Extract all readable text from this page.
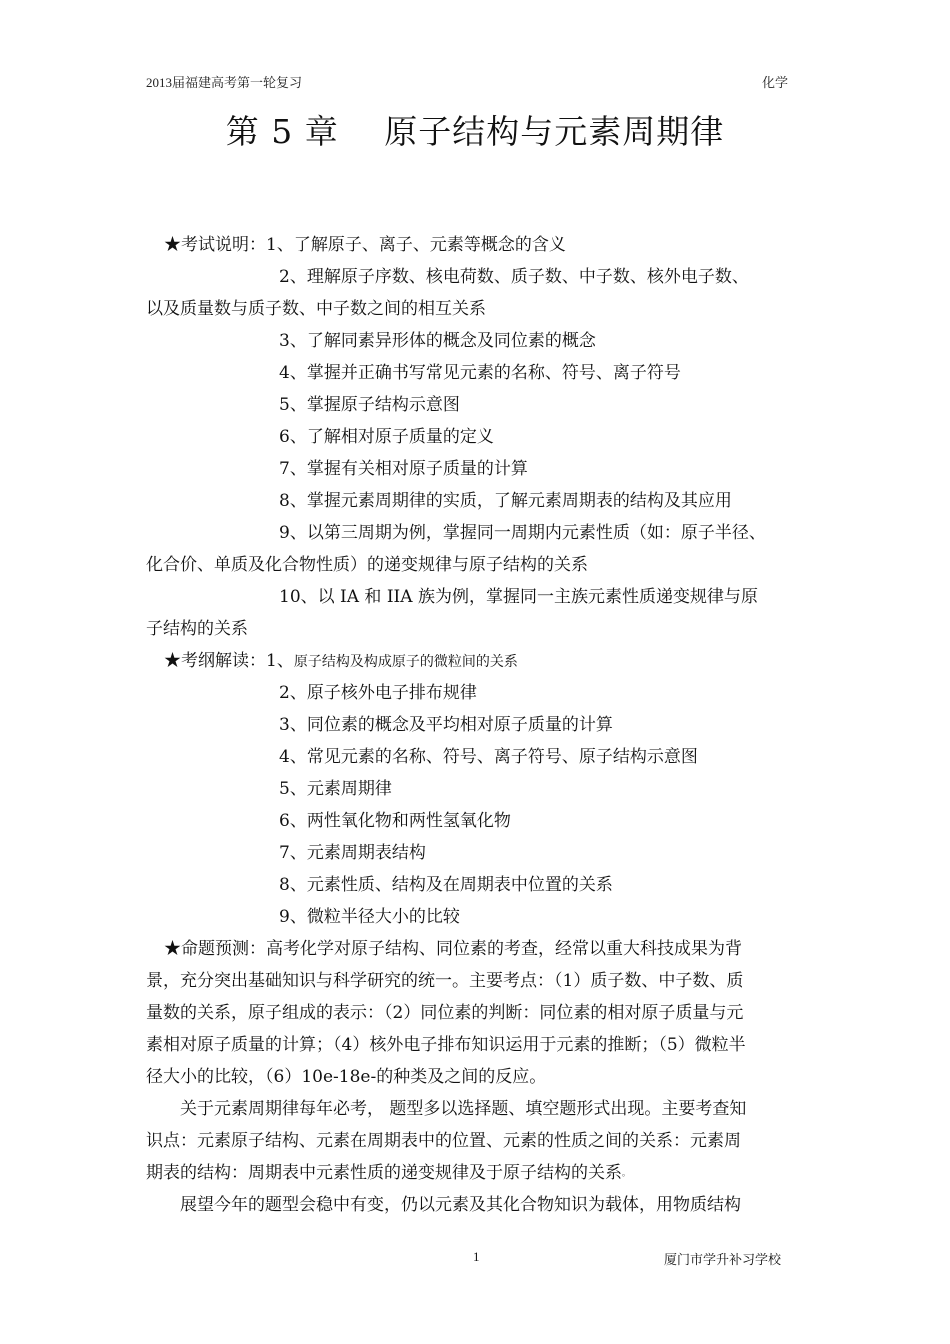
2013届福建高考第一轮复习	化学
第 5 章　 原子结构与元素周期律
★考试说明：1、了解原子、离子、元素等概念的含义
2、理解原子序数、核电荷数、质子数、中子数、核外电子数、
以及质量数与质子数、中子数之间的相互关系
3、了解同素异形体的概念及同位素的概念
4、掌握并正确书写常见元素的名称、符号、离子符号
5、掌握原子结构示意图
6、了解相对原子质量的定义
7、掌握有关相对原子质量的计算
8、掌握元素周期律的实质，了解元素周期表的结构及其应用
9、以第三周期为例，掌握同一周期内元素性质（如：原子半径、
化合价、单质及化合物性质）的递变规律与原子结构的关系
10、以 IA 和 IIA 族为例，掌握同一主族元素性质递变规律与原
子结构的关系
★考纲解读：1、原子结构及构成原子的微粒间的关系
2、原子核外电子排布规律
3、同位素的概念及平均相对原子质量的计算
4、常见元素的名称、符号、离子符号、原子结构示意图
5、元素周期律
6、两性氧化物和两性氢氧化物
7、元素周期表结构
8、元素性质、结构及在周期表中位置的关系
9、微粒半径大小的比较
★命题预测：高考化学对原子结构、同位素的考查，经常以重大科技成果为背
景，充分突出基础知识与科学研究的统一。主要考点：（1）质子数、中子数、质
量数的关系，原子组成的表示：（2）同位素的判断：同位素的相对原子质量与元
素相对原子质量的计算；（4）核外电子排布知识运用于元素的推断；（5）微粒半
径大小的比较，（6）10e-18e-的种类及之间的反应。
关于元素周期律每年必考， 题型多以选择题、填空题形式出现。主要考查知
识点：元素原子结构、元素在周期表中的位置、元素的性质之间的关系：元素周
期表的结构：周期表中元素性质的递变规律及于原子结构的关系。
展望今年的题型会稳中有变，仍以元素及其化合物知识为载体，用物质结构
1	厦门市学升补习学校
